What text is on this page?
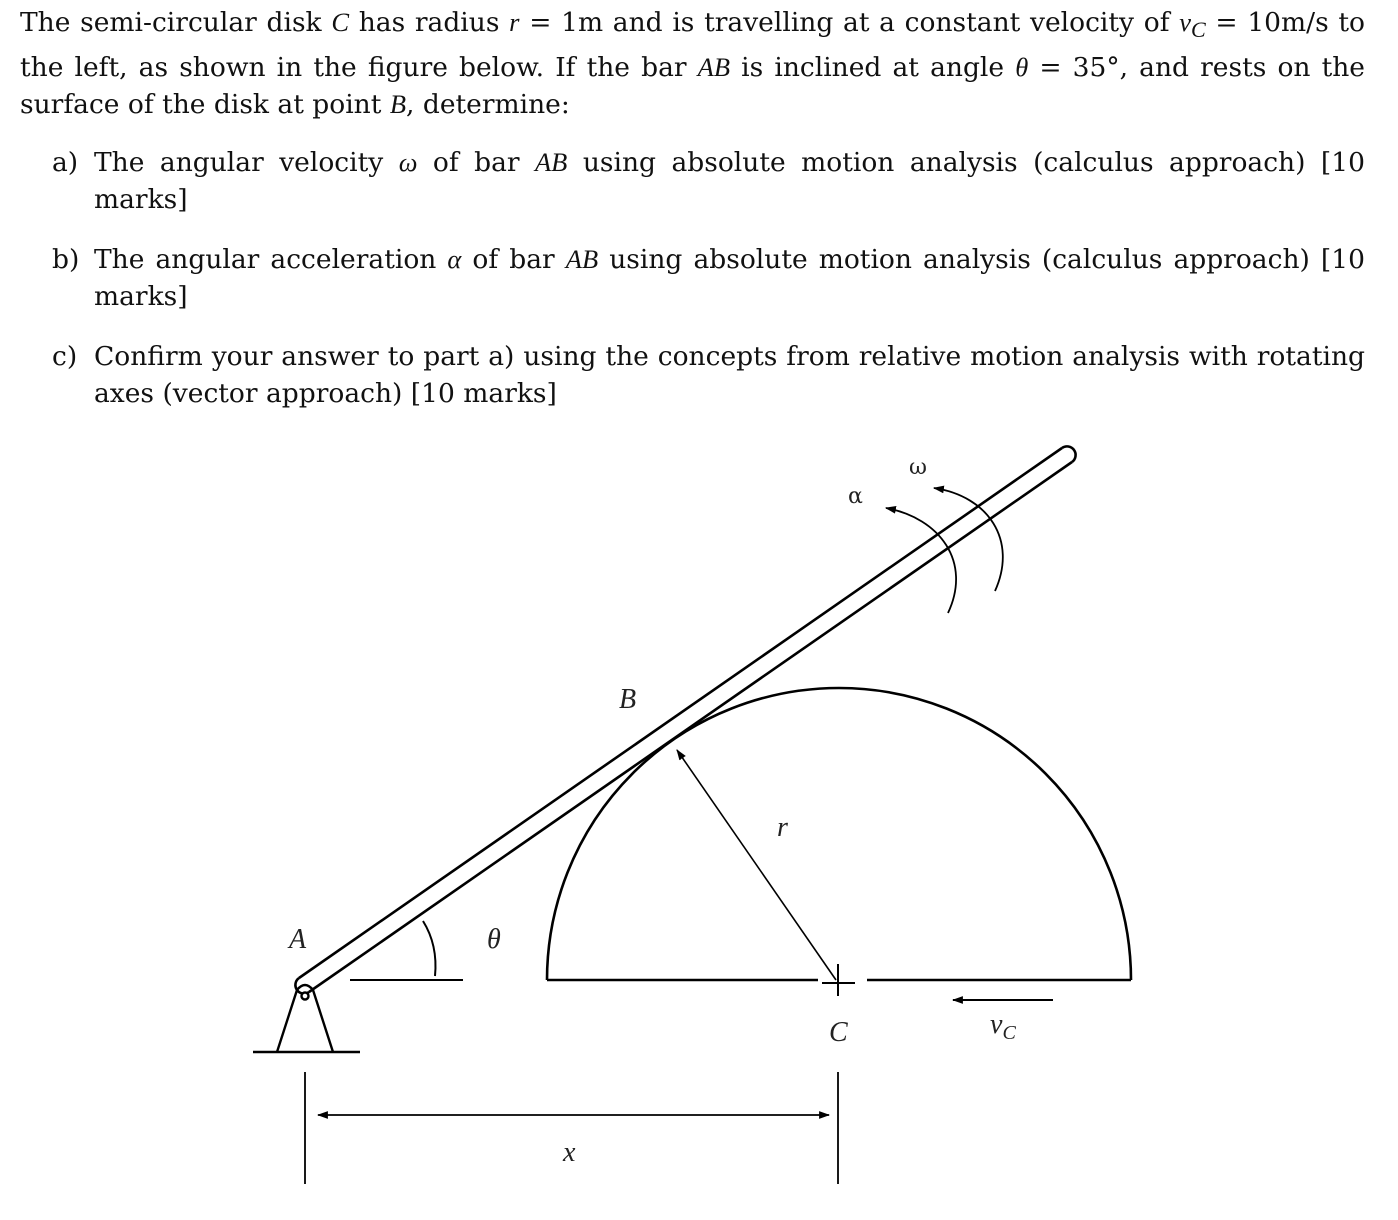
The semi-circular disk C has radius r = 1m and is travelling at a constant velocity of $v_C = 10m/s$ to the left, as shown in the figure below. If the bar AB is inclined at angle θ = 35°, and rests on the surface of the disk at point B, determine:

a) The angular velocity ω of bar AB using absolute motion analysis (calculus approach) [10 marks]
b) The angular acceleration α of bar AB using absolute motion analysis (calculus approach) [10 marks]
c) Confirm your answer to part a) using the concepts from relative motion analysis with rotating axes (vector approach) [10 marks]
A
B
C
r
θ
x
ω
α
$v_C$
